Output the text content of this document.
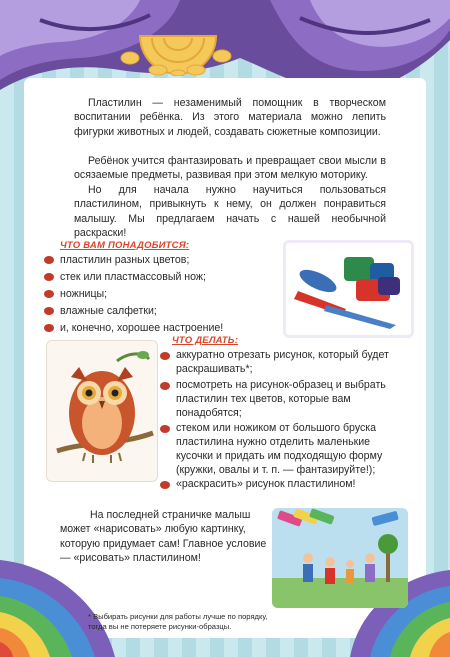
Пластилин — незаменимый помощник в творческом воспитании ребёнка. Из этого материала можно лепить фигурки животных и людей, создавать сюжетные композиции.

Ребёнок учится фантазировать и превращает свои мысли в осязаемые предметы, развивая при этом мелкую моторику.

Но для начала нужно научиться пользоваться пластилином, привыкнуть к нему, он должен понравиться малышу. Мы предлагаем начать с нашей необычной раскраски!

ЧТО ВАМ ПОНАДОБИТСЯ:
пластилин разных цветов;
стек или пластмассовый нож;
ножницы;
влажные салфетки;
и, конечно, хорошее настроение!
ЧТО ДЕЛАТЬ:
аккуратно отрезать рисунок, который будет раскрашивать*;
посмотреть на рисунок-образец и выбрать пластилин тех цветов, которые вам понадобятся;
стеком или ножиком от большого бруска пластилина нужно отделить маленькие кусочки и придать им подходящую форму (кружки, овалы и т. п. — фантазируйте!);
«раскрасить» рисунок пластилином!

На последней страничке малыш может «нарисовать» любую картинку, которую придумает сам! Главное условие — «рисовать» пластилином!

* Выбирать рисунки для работы лучше по порядку, тогда вы не потеряете рисунки-образцы.
